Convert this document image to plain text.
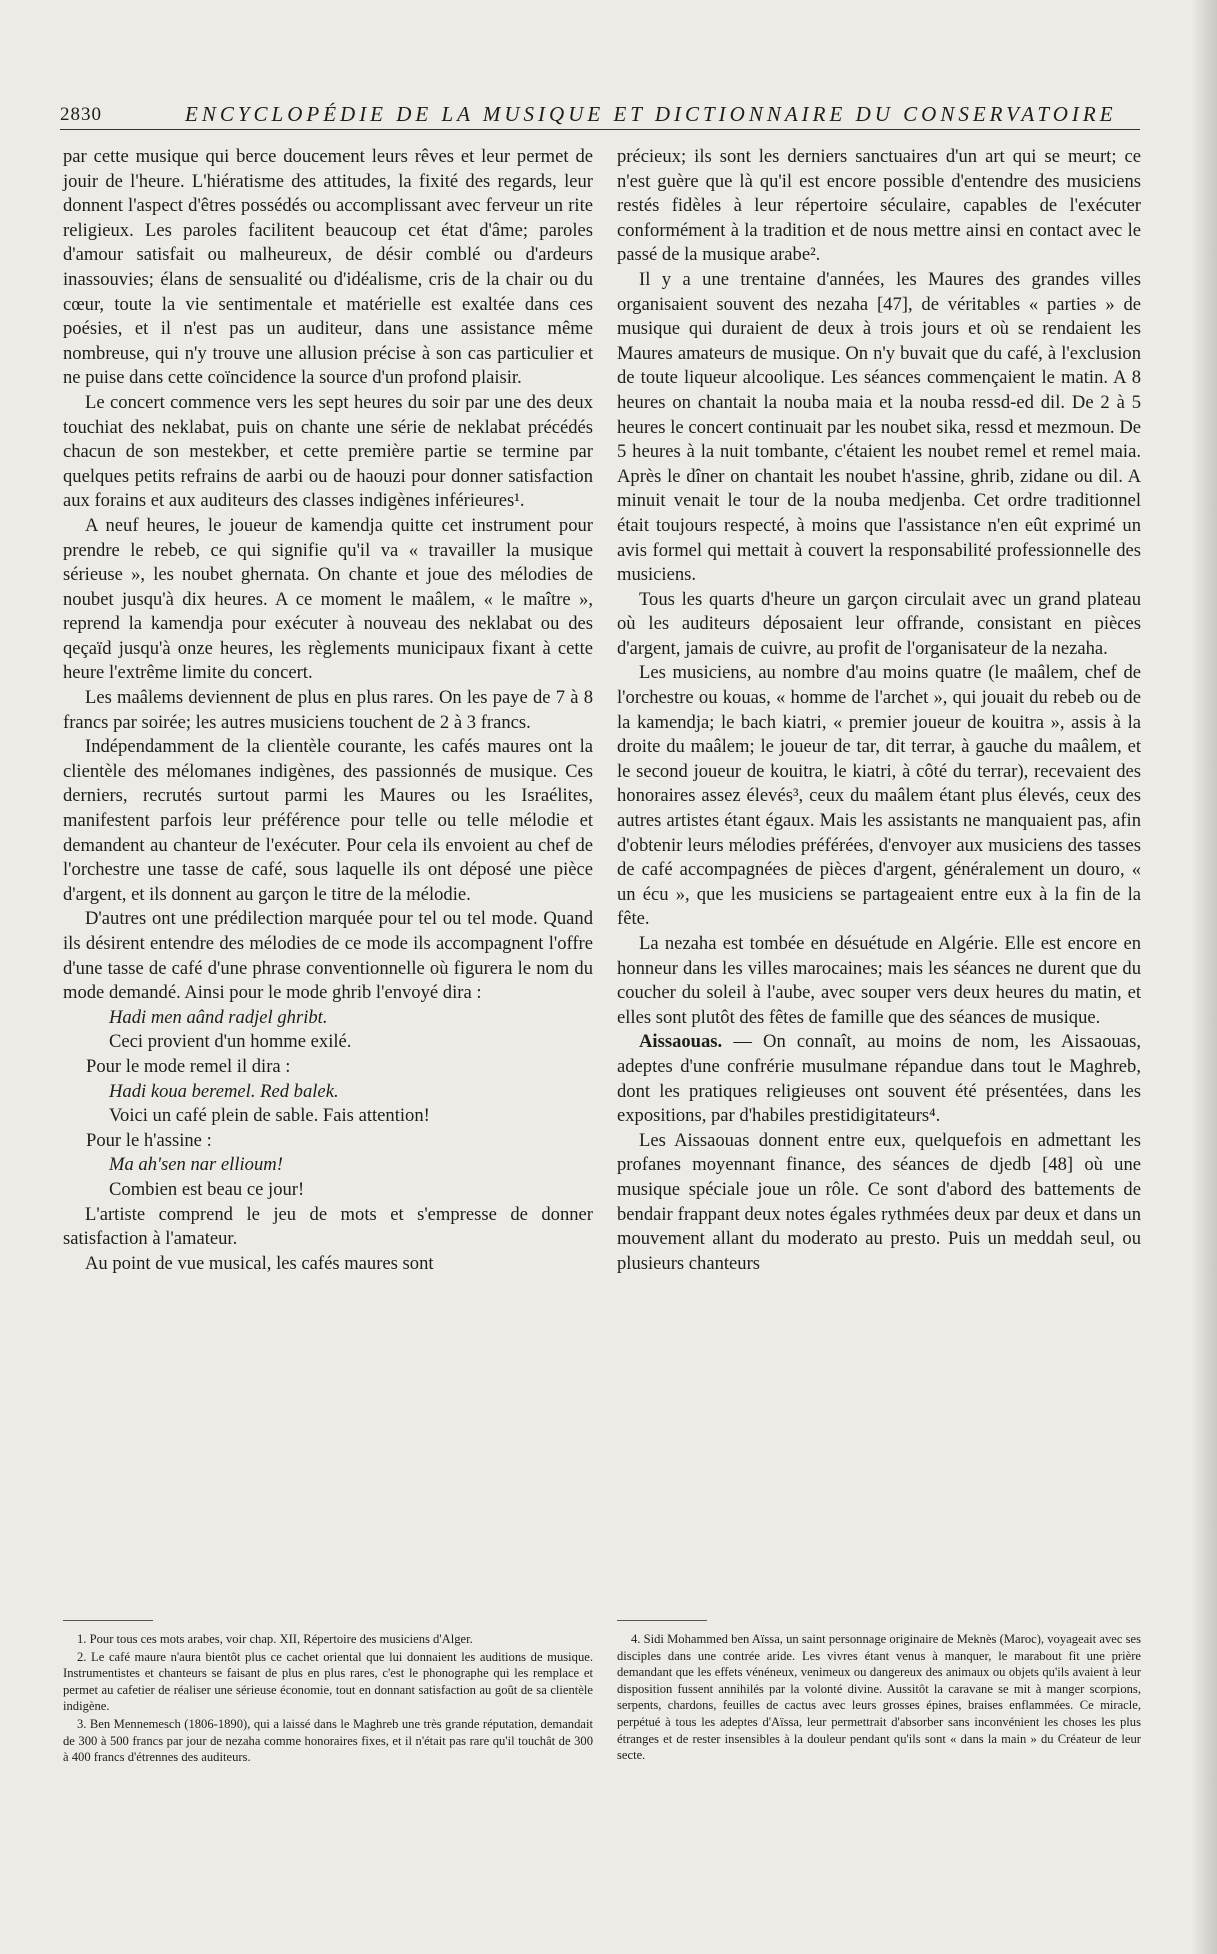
2830	ENCYCLOPÉDIE DE LA MUSIQUE ET DICTIONNAIRE DU CONSERVATOIRE

par cette musique qui berce doucement leurs rêves et leur permet de jouir de l'heure. L'hiératisme des attitudes, la fixité des regards, leur donnent l'aspect d'êtres possédés ou accomplissant avec ferveur un rite religieux. Les paroles facilitent beaucoup cet état d'âme; paroles d'amour satisfait ou malheureux, de désir comblé ou d'ardeurs inassouvies; élans de sensualité ou d'idéalisme, cris de la chair ou du cœur, toute la vie sentimentale et matérielle est exaltée dans ces poésies, et il n'est pas un auditeur, dans une assistance même nombreuse, qui n'y trouve une allusion précise à son cas particulier et ne puise dans cette coïncidence la source d'un profond plaisir.

Le concert commence vers les sept heures du soir par une des deux touchiat des neklabat, puis on chante une série de neklabat précédés chacun de son mestekber, et cette première partie se termine par quelques petits refrains de aarbi ou de haouzi pour donner satisfaction aux forains et aux auditeurs des classes indigènes inférieures¹.

A neuf heures, le joueur de kamendja quitte cet instrument pour prendre le rebeb, ce qui signifie qu'il va « travailler la musique sérieuse », les noubet ghernata. On chante et joue des mélodies de noubet jusqu'à dix heures. A ce moment le maâlem, « le maître », reprend la kamendja pour exécuter à nouveau des neklabat ou des qeçaïd jusqu'à onze heures, les règlements municipaux fixant à cette heure l'extrême limite du concert.

Les maâlems deviennent de plus en plus rares. On les paye de 7 à 8 francs par soirée; les autres musiciens touchent de 2 à 3 francs.

Indépendamment de la clientèle courante, les cafés maures ont la clientèle des mélomanes indigènes, des passionnés de musique. Ces derniers, recrutés surtout parmi les Maures ou les Israélites, manifestent parfois leur préférence pour telle ou telle mélodie et demandent au chanteur de l'exécuter. Pour cela ils envoient au chef de l'orchestre une tasse de café, sous laquelle ils ont déposé une pièce d'argent, et ils donnent au garçon le titre de la mélodie.

D'autres ont une prédilection marquée pour tel ou tel mode. Quand ils désirent entendre des mélodies de ce mode ils accompagnent l'offre d'une tasse de café d'une phrase conventionnelle où figurera le nom du mode demandé. Ainsi pour le mode ghrib l'envoyé dira :

Hadi men aând radjel ghribt.

Ceci provient d'un homme exilé.

Pour le mode remel il dira :

Hadi koua beremel. Red balek.

Voici un café plein de sable. Fais attention!

Pour le h'assine :

Ma ah'sen nar ellioum!

Combien est beau ce jour!

L'artiste comprend le jeu de mots et s'empresse de donner satisfaction à l'amateur.

Au point de vue musical, les cafés maures sont

précieux; ils sont les derniers sanctuaires d'un art qui se meurt; ce n'est guère que là qu'il est encore possible d'entendre des musiciens restés fidèles à leur répertoire séculaire, capables de l'exécuter conformément à la tradition et de nous mettre ainsi en contact avec le passé de la musique arabe².

Il y a une trentaine d'années, les Maures des grandes villes organisaient souvent des nezaha [47], de véritables « parties » de musique qui duraient de deux à trois jours et où se rendaient les Maures amateurs de musique. On n'y buvait que du café, à l'exclusion de toute liqueur alcoolique. Les séances commençaient le matin. A 8 heures on chantait la nouba maia et la nouba ressd-ed dil. De 2 à 5 heures le concert continuait par les noubet sika, ressd et mezmoun. De 5 heures à la nuit tombante, c'étaient les noubet remel et remel maia. Après le dîner on chantait les noubet h'assine, ghrib, zidane ou dil. A minuit venait le tour de la nouba medjenba. Cet ordre traditionnel était toujours respecté, à moins que l'assistance n'en eût exprimé un avis formel qui mettait à couvert la responsabilité professionnelle des musiciens.

Tous les quarts d'heure un garçon circulait avec un grand plateau où les auditeurs déposaient leur offrande, consistant en pièces d'argent, jamais de cuivre, au profit de l'organisateur de la nezaha.

Les musiciens, au nombre d'au moins quatre (le maâlem, chef de l'orchestre ou kouas, « homme de l'archet », qui jouait du rebeb ou de la kamendja; le bach kiatri, « premier joueur de kouitra », assis à la droite du maâlem; le joueur de tar, dit terrar, à gauche du maâlem, et le second joueur de kouitra, le kiatri, à côté du terrar), recevaient des honoraires assez élevés³, ceux du maâlem étant plus élevés, ceux des autres artistes étant égaux. Mais les assistants ne manquaient pas, afin d'obtenir leurs mélodies préférées, d'envoyer aux musiciens des tasses de café accompagnées de pièces d'argent, généralement un douro, « un écu », que les musiciens se partageaient entre eux à la fin de la fête.

La nezaha est tombée en désuétude en Algérie. Elle est encore en honneur dans les villes marocaines; mais les séances ne durent que du coucher du soleil à l'aube, avec souper vers deux heures du matin, et elles sont plutôt des fêtes de famille que des séances de musique.

Aissaouas. — On connaît, au moins de nom, les Aissaouas, adeptes d'une confrérie musulmane répandue dans tout le Maghreb, dont les pratiques religieuses ont souvent été présentées, dans les expositions, par d'habiles prestidigitateurs⁴.

Les Aissaouas donnent entre eux, quelquefois en admettant les profanes moyennant finance, des séances de djedb [48] où une musique spéciale joue un rôle. Ce sont d'abord des battements de bendair frappant deux notes égales rythmées deux par deux et dans un mouvement allant du moderato au presto. Puis un meddah seul, ou plusieurs chanteurs

1. Pour tous ces mots arabes, voir chap. XII, Répertoire des musiciens d'Alger.

2. Le café maure n'aura bientôt plus ce cachet oriental que lui donnaient les auditions de musique. Instrumentistes et chanteurs se faisant de plus en plus rares, c'est le phonographe qui les remplace et permet au cafetier de réaliser une sérieuse économie, tout en donnant satisfaction au goût de sa clientèle indigène.

3. Ben Mennemesch (1806-1890), qui a laissé dans le Maghreb une très grande réputation, demandait de 300 à 500 francs par jour de nezaha comme honoraires fixes, et il n'était pas rare qu'il touchât de 300 à 400 francs d'étrennes des auditeurs.

4. Sidi Mohammed ben Aïssa, un saint personnage originaire de Meknès (Maroc), voyageait avec ses disciples dans une contrée aride. Les vivres étant venus à manquer, le marabout fit une prière demandant que les effets vénéneux, venimeux ou dangereux des animaux ou objets qu'ils avaient à leur disposition fussent annihilés par la volonté divine. Aussitôt la caravane se mit à manger scorpions, serpents, chardons, feuilles de cactus avec leurs grosses épines, braises enflammées. Ce miracle, perpétué à tous les adeptes d'Aïssa, leur permettrait d'absorber sans inconvénient les choses les plus étranges et de rester insensibles à la douleur pendant qu'ils sont « dans la main » du Créateur de leur secte.
